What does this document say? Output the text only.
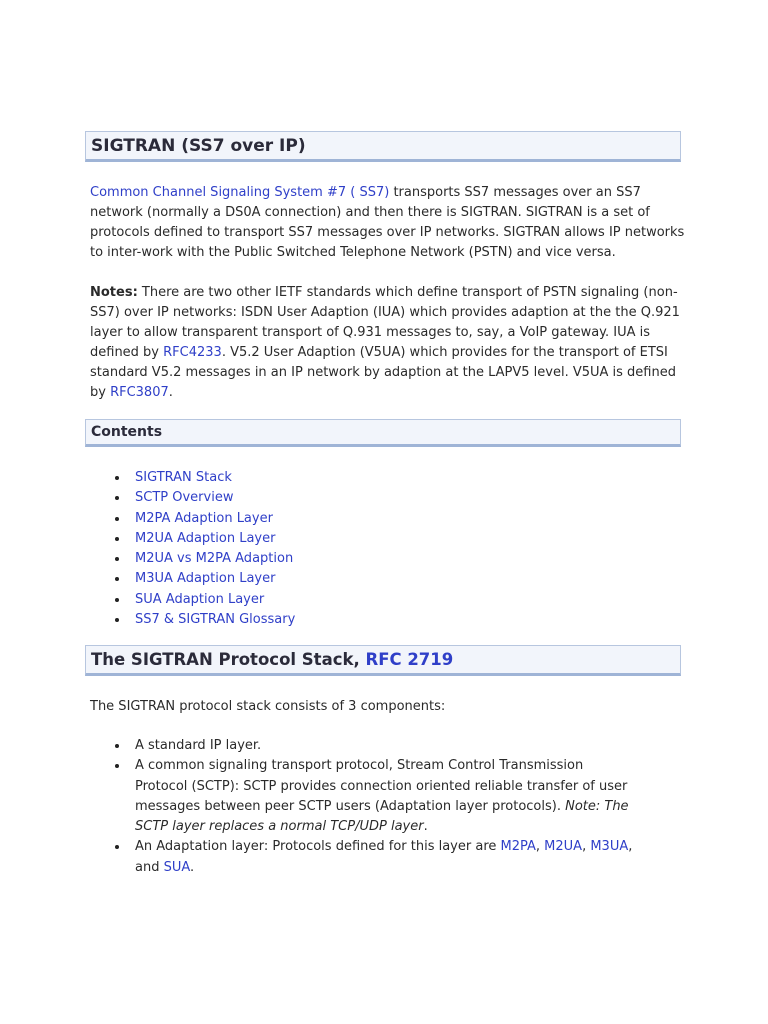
SIGTRAN (SS7 over IP)

Common Channel Signaling System #7 ( SS7) transports SS7 messages over an SS7 network (normally a DS0A connection) and then there is SIGTRAN. SIGTRAN is a set of protocols defined to transport SS7 messages over IP networks. SIGTRAN allows IP networks to inter-work with the Public Switched Telephone Network (PSTN) and vice versa.

Notes: There are two other IETF standards which define transport of PSTN signaling (non-SS7) over IP networks: ISDN User Adaption (IUA) which provides adaption at the the Q.921 layer to allow transparent transport of Q.931 messages to, say, a VoIP gateway. IUA is defined by RFC4233. V5.2 User Adaption (V5UA) which provides for the transport of ETSI standard V5.2 messages in an IP network by adaption at the LAPV5 level. V5UA is defined by RFC3807.

Contents
SIGTRAN Stack
SCTP Overview
M2PA Adaption Layer
M2UA Adaption Layer
M2UA vs M2PA Adaption
M3UA Adaption Layer
SUA Adaption Layer
SS7 & SIGTRAN Glossary
The SIGTRAN Protocol Stack, RFC 2719

The SIGTRAN protocol stack consists of 3 components:

A standard IP layer.
A common signaling transport protocol, Stream Control Transmission Protocol (SCTP): SCTP provides connection oriented reliable transfer of user messages between peer SCTP users (Adaptation layer protocols). Note: The SCTP layer replaces a normal TCP/UDP layer.
An Adaptation layer: Protocols defined for this layer are M2PA, M2UA, M3UA, and SUA.
